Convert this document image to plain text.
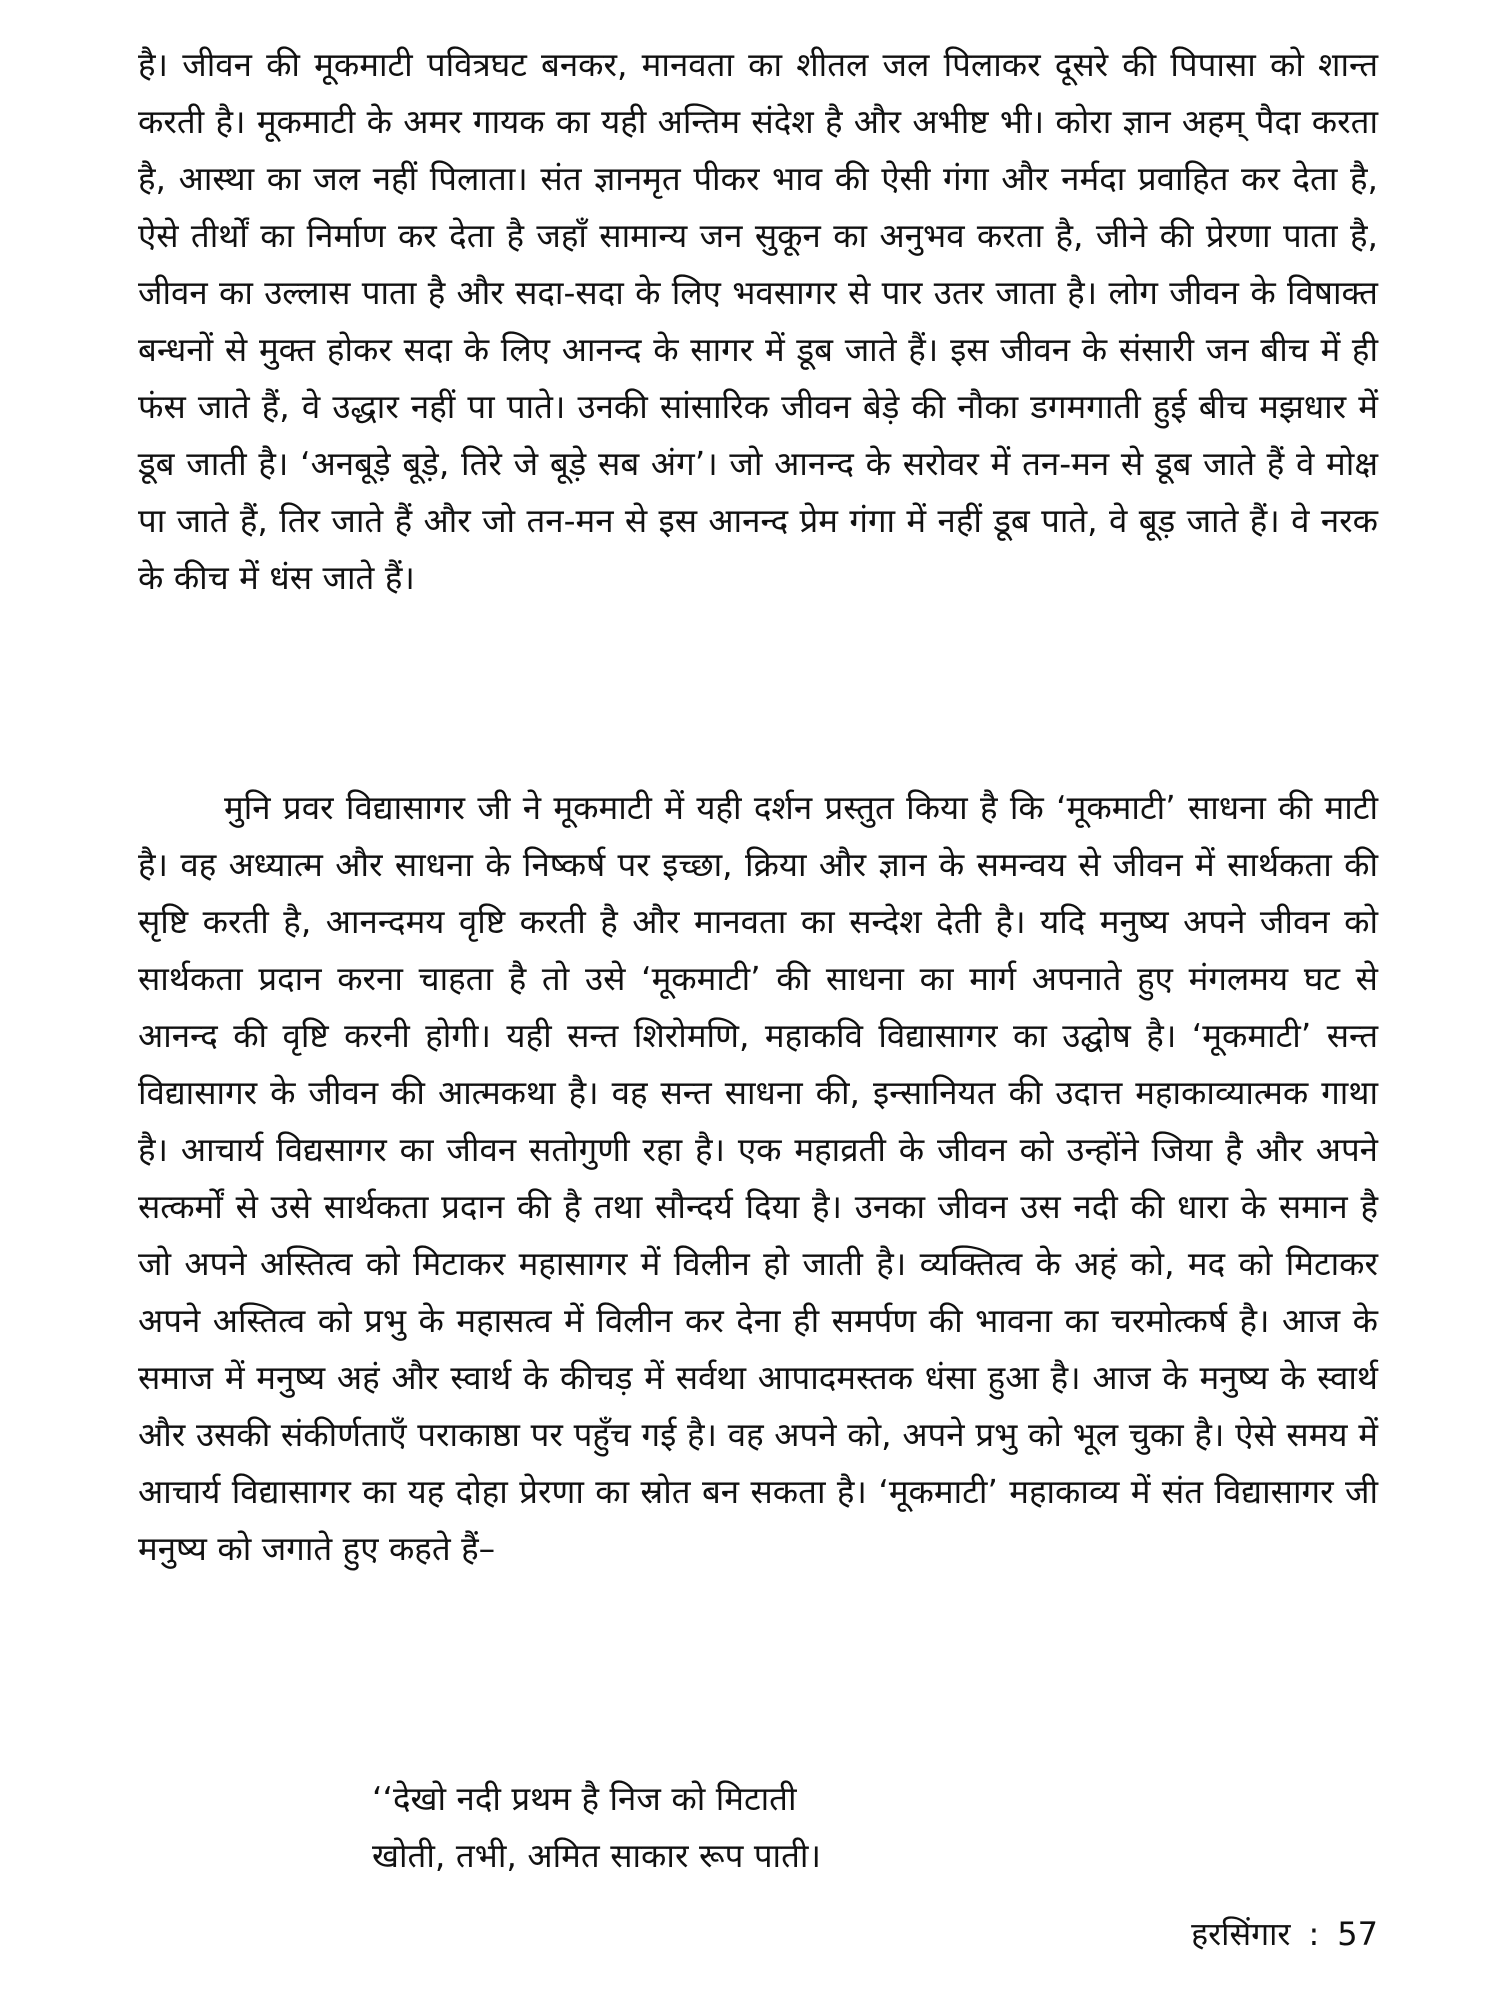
है। जीवन की मूकमाटी पवित्रघट बनकर, मानवता का शीतल जल पिलाकर दूसरे की पिपासा को शान्त करती है। मूकमाटी के अमर गायक का यही अन्तिम संदेश है और अभीष्ट भी। कोरा ज्ञान अहम् पैदा करता है, आस्था का जल नहीं पिलाता। संत ज्ञानमृत पीकर भाव की ऐसी गंगा और नर्मदा प्रवाहित कर देता है, ऐसे तीर्थों का निर्माण कर देता है जहाँ सामान्य जन सुकून का अनुभव करता है, जीने की प्रेरणा पाता है, जीवन का उल्लास पाता है और सदा-सदा के लिए भवसागर से पार उतर जाता है। लोग जीवन के विषाक्त बन्धनों से मुक्त होकर सदा के लिए आनन्द के सागर में डूब जाते हैं। इस जीवन के संसारी जन बीच में ही फंस जाते हैं, वे उद्धार नहीं पा पाते। उनकी सांसारिक जीवन बेड़े की नौका डगमगाती हुई बीच मझधार में डूब जाती है। ‘अनबूड़े बूड़े, तिरे जे बूड़े सब अंग’। जो आनन्द के सरोवर में तन-मन से डूब जाते हैं वे मोक्ष पा जाते हैं, तिर जाते हैं और जो तन-मन से इस आनन्द प्रेम गंगा में नहीं डूब पाते, वे बूड़ जाते हैं। वे नरक के कीच में धंस जाते हैं।
मुनि प्रवर विद्यासागर जी ने मूकमाटी में यही दर्शन प्रस्तुत किया है कि ‘मूकमाटी’ साधना की माटी है। वह अध्यात्म और साधना के निष्कर्ष पर इच्छा, क्रिया और ज्ञान के समन्वय से जीवन में सार्थकता की सृष्टि करती है, आनन्दमय वृष्टि करती है और मानवता का सन्देश देती है। यदि मनुष्य अपने जीवन को सार्थकता प्रदान करना चाहता है तो उसे ‘मूकमाटी’ की साधना का मार्ग अपनाते हुए मंगलमय घट से आनन्द की वृष्टि करनी होगी। यही सन्त शिरोमणि, महाकवि विद्यासागर का उद्घोष है। ‘मूकमाटी’ सन्त विद्यासागर के जीवन की आत्मकथा है। वह सन्त साधना की, इन्सानियत की उदात्त महाकाव्यात्मक गाथा है। आचार्य विद्यसागर का जीवन सतोगुणी रहा है। एक महाव्रती के जीवन को उन्होंने जिया है और अपने सत्कर्मों से उसे सार्थकता प्रदान की है तथा सौन्दर्य दिया है। उनका जीवन उस नदी की धारा के समान है जो अपने अस्तित्व को मिटाकर महासागर में विलीन हो जाती है। व्यक्तित्व के अहं को, मद को मिटाकर अपने अस्तित्व को प्रभु के महासत्व में विलीन कर देना ही समर्पण की भावना का चरमोत्कर्ष है। आज के समाज में मनुष्य अहं और स्वार्थ के कीचड़ में सर्वथा आपादमस्तक धंसा हुआ है। आज के मनुष्य के स्वार्थ और उसकी संकीर्णताएँ पराकाष्ठा पर पहुँच गई है। वह अपने को, अपने प्रभु को भूल चुका है। ऐसे समय में आचार्य विद्यासागर का यह दोहा प्रेरणा का स्रोत बन सकता है। ‘मूकमाटी’ महाकाव्य में संत विद्यासागर जी मनुष्य को जगाते हुए कहते हैं–
‘‘देखो नदी प्रथम है निज को मिटाती
खोती, तभी, अमित साकार रूप पाती।
हरसिंगार : 57
